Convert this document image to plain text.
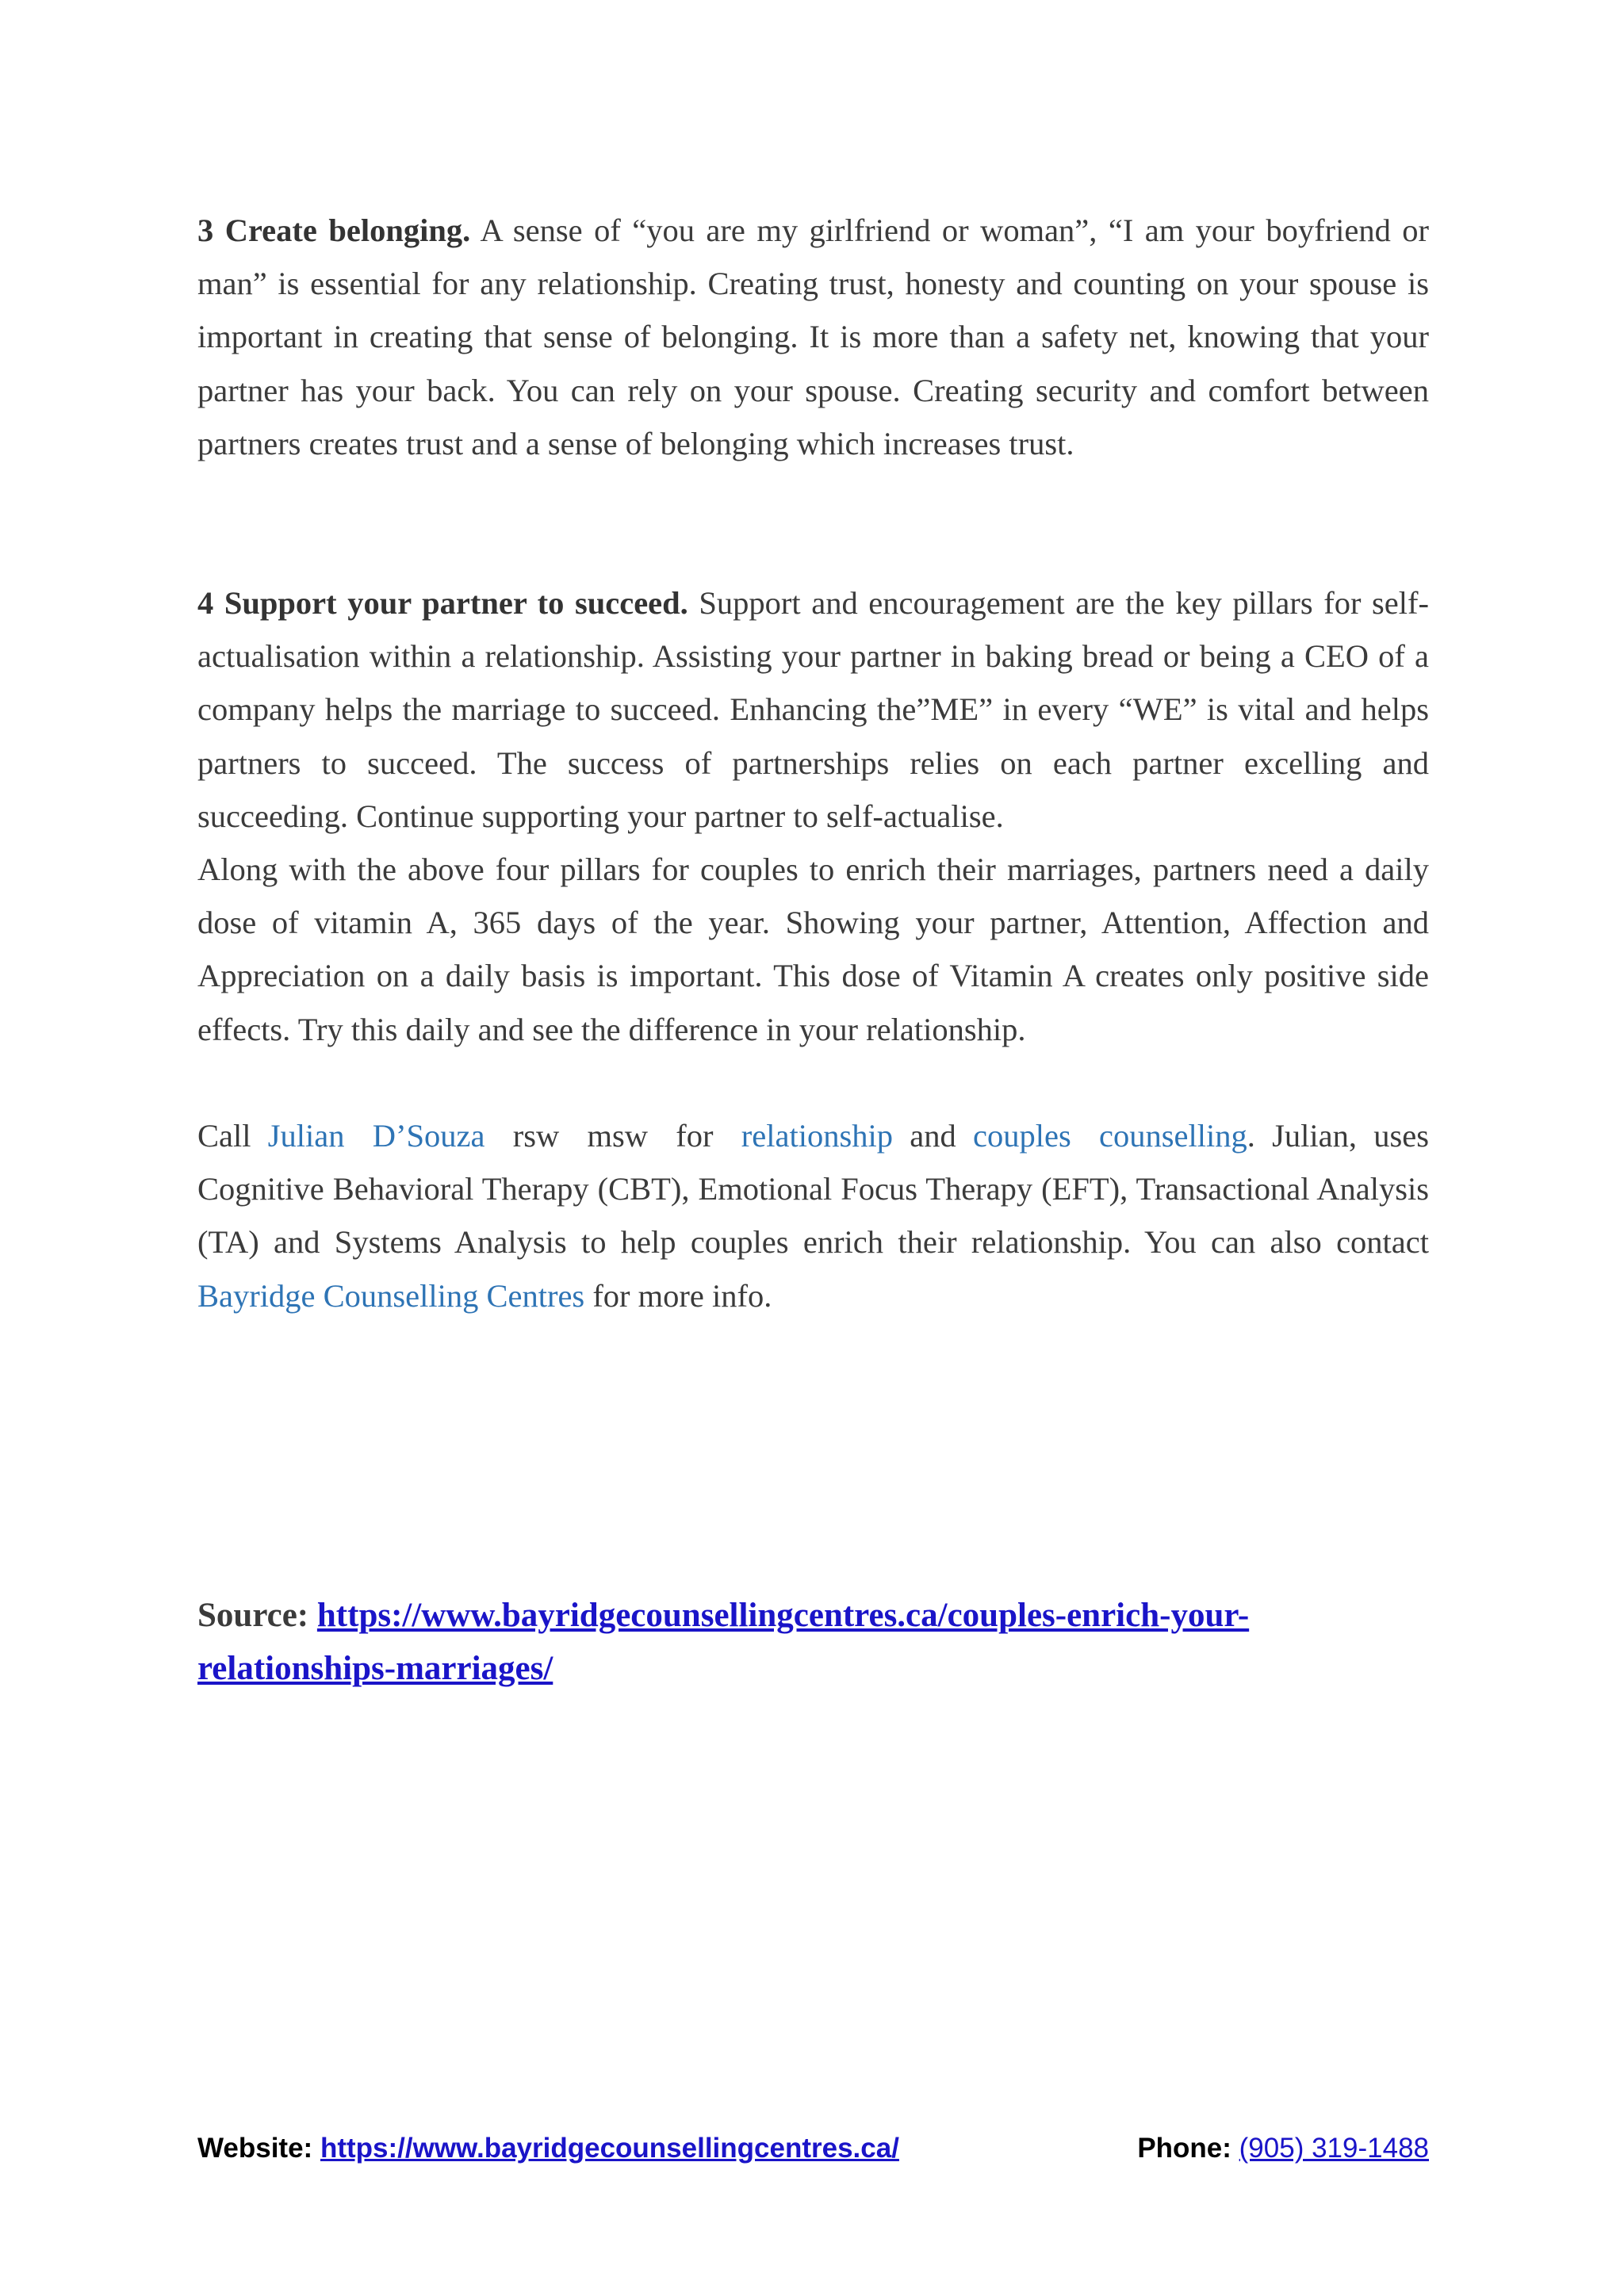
3 Create belonging. A sense of “you are my girlfriend or woman”, “I am your boyfriend or man” is essential for any relationship. Creating trust, honesty and counting on your spouse is important in creating that sense of belonging. It is more than a safety net, knowing that your partner has your back. You can rely on your spouse. Creating security and comfort between partners creates trust and a sense of belonging which increases trust.

4 Support your partner to succeed. Support and encouragement are the key pillars for self-actualisation within a relationship. Assisting your partner in baking bread or being a CEO of a company helps the marriage to succeed. Enhancing the”ME” in every “WE” is vital and helps partners to succeed. The success of partnerships relies on each partner excelling and succeeding. Continue supporting your partner to self-actualise.

Along with the above four pillars for couples to enrich their marriages, partners need a daily dose of vitamin A, 365 days of the year. Showing your partner, Attention, Affection and Appreciation on a daily basis is important. This dose of Vitamin A creates only positive side effects. Try this daily and see the difference in your relationship.

Call Julian D’Souza rsw msw for relationship and couples counselling. Julian, uses Cognitive Behavioral Therapy (CBT), Emotional Focus Therapy (EFT), Transactional Analysis (TA) and Systems Analysis to help couples enrich their relationship. You can also contact Bayridge Counselling Centres for more info.

Source: https://www.bayridgecounsellingcentres.ca/couples-enrich-your-
relationships-marriages/

Website: https://www.bayridgecounsellingcentres.ca/	Phone: (905) 319-1488
